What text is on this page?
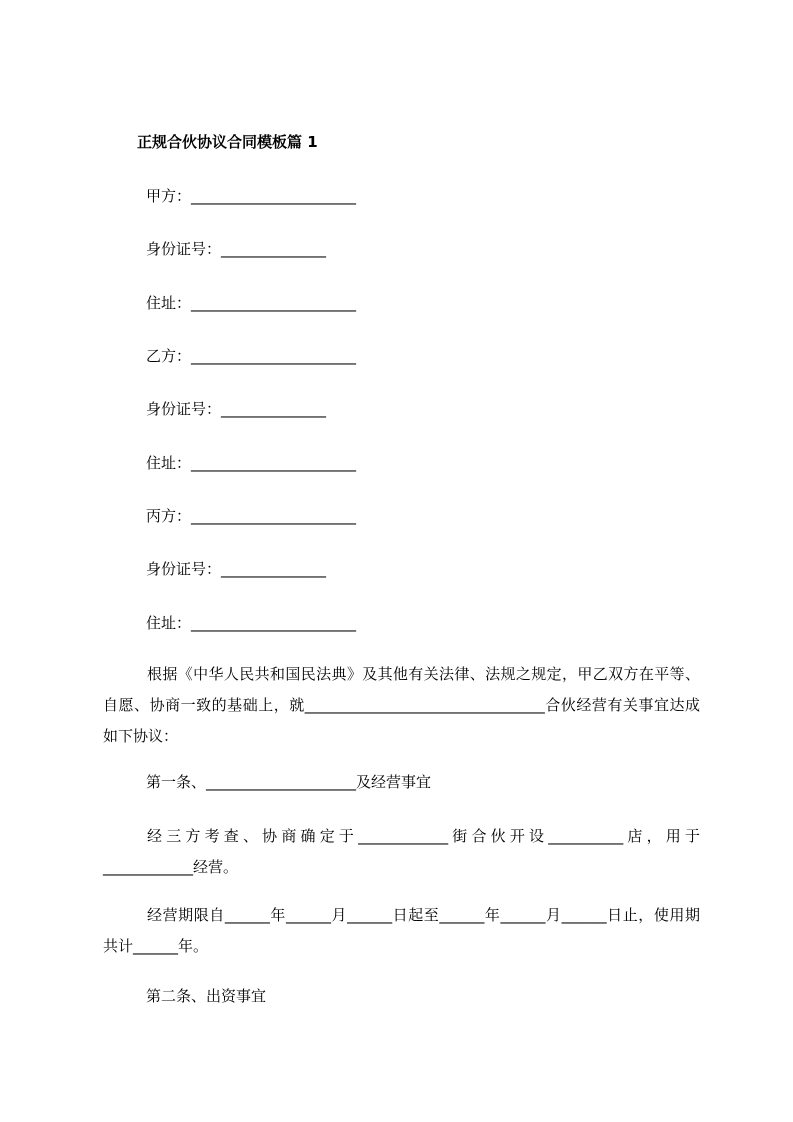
正规合伙协议合同模板篇 1
甲方：______________________
身份证号：______________
住址：______________________
乙方：______________________
身份证号：______________
住址：______________________
丙方：______________________
身份证号：______________
住址：______________________

根据《中华人民共和国民法典》及其他有关法律、法规之规定，甲乙双方在平等、自愿、协商一致的基础上，就________________________________合伙经营有关事宜达成如下协议：

第一条、____________________及经营事宜

经三方考查、协商确定于____________街合伙开设__________店，用于____________经营。

经营期限自______年______月______日起至______年______月______日止，使用期共计______年。

第二条、出资事宜
